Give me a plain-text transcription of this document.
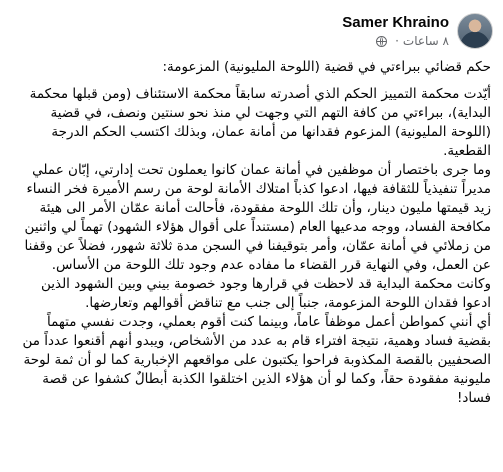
Samer Khraino
· ٨ ساعات

حكم قضائي ببراءتي في قضية (اللوحة المليونية) المزعومة:

أيّدت محكمة التمييز الحكم الذي أصدرته سابقاً محكمة الاستئناف (ومن قبلها محكمة البداية)، ببراءتي من كافة التهم التي وجهت لي منذ نحو سنتين ونصف، في قضية (اللوحة المليونية) المزعوم فقدانها من أمانة عمان، وبذلك اكتسب الحكم الدرجة القطعية.

وما جرى باختصار أن موظفين في أمانة عمان كانوا يعملون تحت إدارتي، إبّان عملي مديراً تنفيذياً للثقافة فيها، ادعوا كذباً امتلاك الأمانة لوحة من رسم الأميرة فخر النساء زيد قيمتها مليون دينار، وأن تلك اللوحة مفقودة، فأحالت أمانة عمّان الأمر الى هيئة مكافحة الفساد، ووجه مدعيها العام (مستنداً على أقوال هؤلاء الشهود) تهماً لي واثنين من زملائي في أمانة عمّان، وأمر بتوقيفنا في السجن مدة ثلاثة شهور، فضلاً عن وقفنا عن العمل، وفي النهاية قرر القضاء ما مفاده عدم وجود تلك اللوحة من الأساس.

وكانت محكمة البداية قد لاحظت في قرارها وجود خصومة بيني وبين الشهود الذين ادعوا فقدان اللوحة المزعومة، جنباً إلى جنب مع تناقض أقوالهم وتعارضها.

أي أنني كمواطن أعمل موظفاً عاماً، وبينما كنت أقوم بعملي، وجدت نفسي متهماً بقضية فساد وهمية، نتيجة افتراء قام به عدد من الأشخاص، ويبدو أنهم أقنعوا عدداً من الصحفيين بالقصة المكذوبة فراحوا يكتبون على مواقعهم الإخبارية كما لو أن ثمة لوحة مليونية مفقودة حقاً، وكما لو أن هؤلاء الذين اختلقوا الكذبة أبطالٌ كشفوا عن قصة فساد!
